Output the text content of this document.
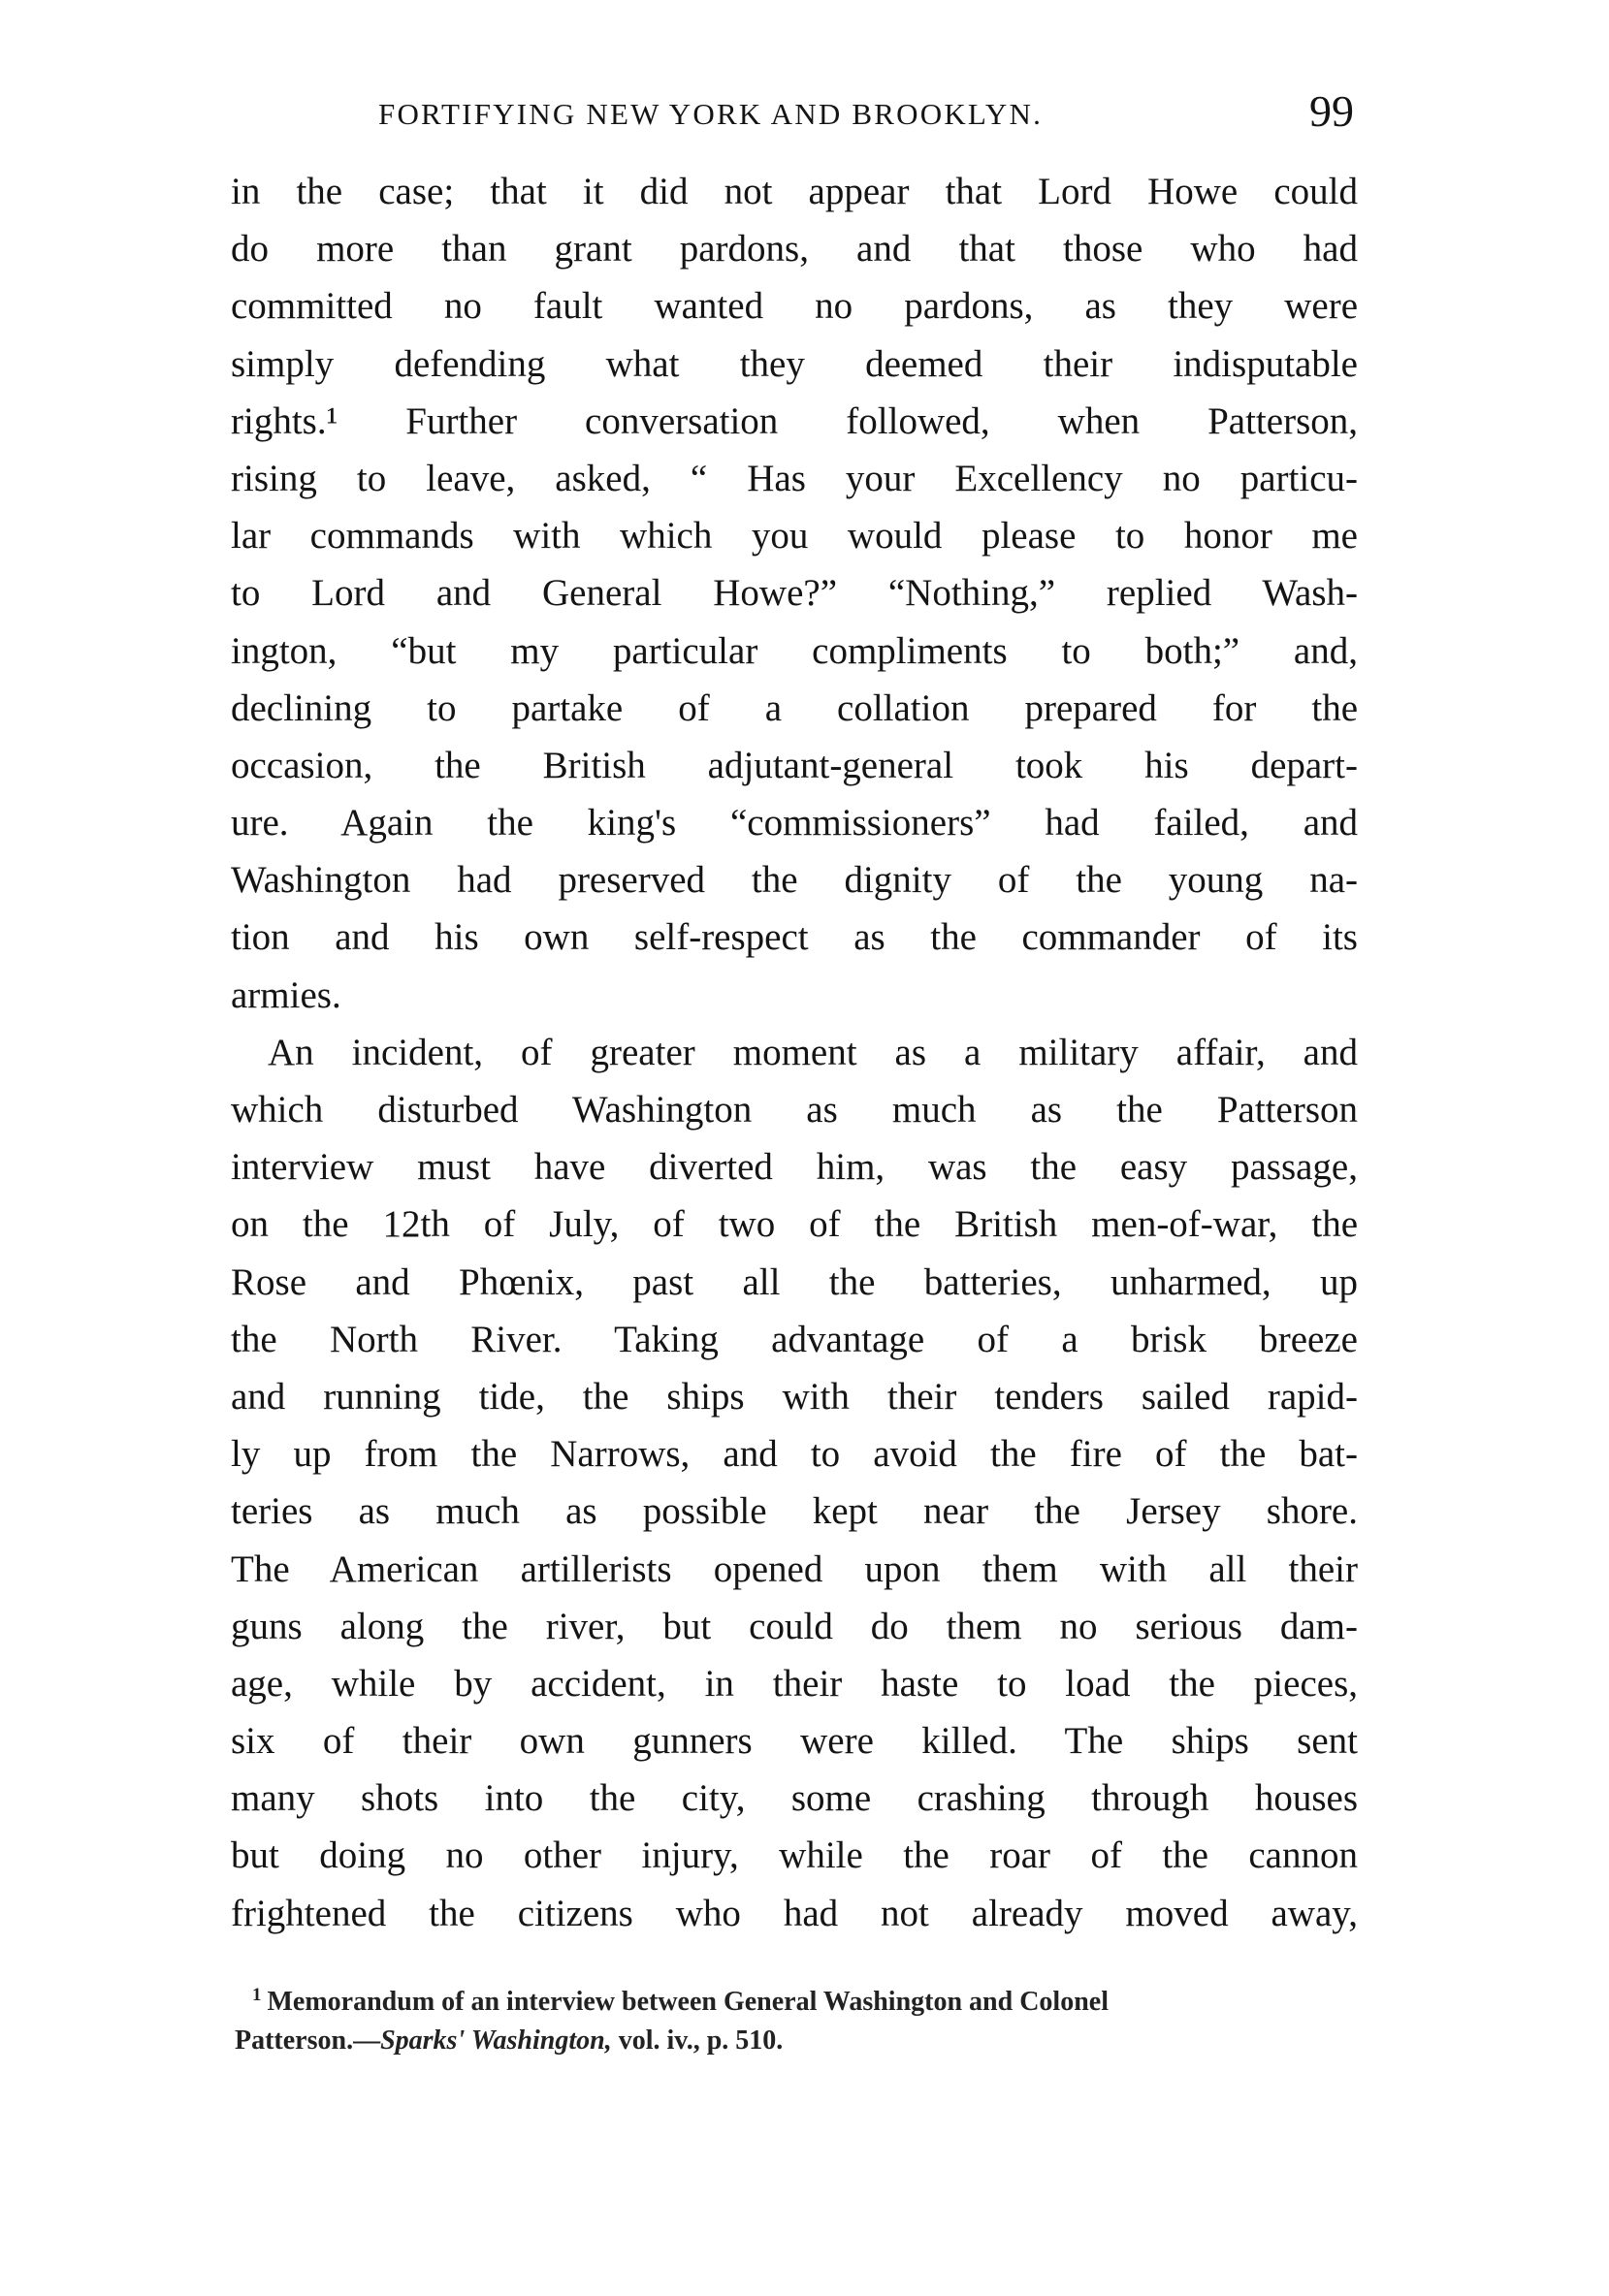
FORTIFYING NEW YORK AND BROOKLYN.	99
in the case; that it did not appear that Lord Howe could
do more than grant pardons, and that those who had
committed no fault wanted no pardons, as they were
simply defending what they deemed their indisputable
rights.¹ Further conversation followed, when Patterson,
rising to leave, asked, “ Has your Excellency no particu-
lar commands with which you would please to honor me
to Lord and General Howe?” “Nothing,” replied Wash-
ington, “but my particular compliments to both;” and,
declining to partake of a collation prepared for the
occasion, the British adjutant-general took his depart-
ure. Again the king's “commissioners” had failed, and
Washington had preserved the dignity of the young na-
tion and his own self-respect as the commander of its
armies.
An incident, of greater moment as a military affair, and
which disturbed Washington as much as the Patterson
interview must have diverted him, was the easy passage,
on the 12th of July, of two of the British men-of-war, the
Rose and Phœnix, past all the batteries, unharmed, up
the North River. Taking advantage of a brisk breeze
and running tide, the ships with their tenders sailed rapid-
ly up from the Narrows, and to avoid the fire of the bat-
teries as much as possible kept near the Jersey shore.
The American artillerists opened upon them with all their
guns along the river, but could do them no serious dam-
age, while by accident, in their haste to load the pieces,
six of their own gunners were killed. The ships sent
many shots into the city, some crashing through houses
but doing no other injury, while the roar of the cannon
frightened the citizens who had not already moved away,
$^1$ Memorandum of an interview between General Washington and Colonel
Patterson.—Sparks' Washington, vol. iv., p. 510.
